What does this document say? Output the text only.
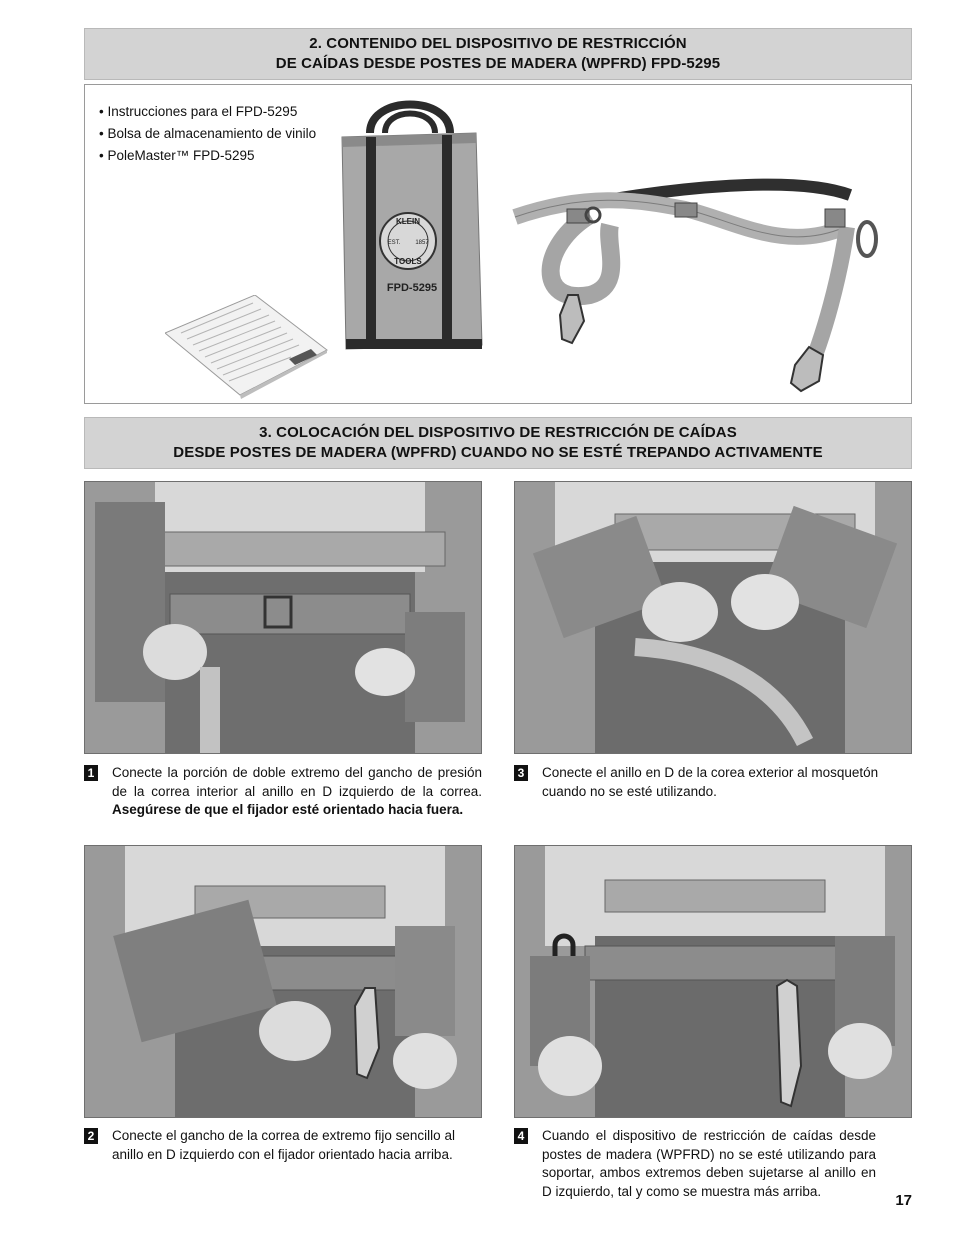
2. CONTENIDO DEL DISPOSITIVO DE RESTRICCIÓN
DE CAÍDAS DESDE POSTES DE MADERA (WPFRD) FPD-5295
• Instrucciones para el FPD-5295
• Bolsa de almacenamiento de vinilo
• PoleMaster™ FPD-5295
KLEIN
TOOLS
EST. 1857
FPD-5295
3. COLOCACIÓN DEL DISPOSITIVO DE RESTRICCIÓN DE CAÍDAS
DESDE POSTES DE MADERA (WPFRD) CUANDO NO SE ESTÉ TREPANDO ACTIVAMENTE
1 Conecte la porción de doble extremo del gancho de presión de la correa interior al anillo en D izquierdo de la correa. Asegúrese de que el fijador esté orientado hacia fuera.
3 Conecte el anillo en D de la corea exterior al mosquetón cuando no se esté utilizando.
2 Conecte el gancho de la correa de extremo fijo sencillo al anillo en D izquierdo con el fijador orientado hacia arriba.
4 Cuando el dispositivo de restricción de caídas desde postes de madera (WPFRD) no se esté utilizando para soportar, ambos extremos deben sujetarse al anillo en D izquierdo, tal y como se muestra más arriba.
17
